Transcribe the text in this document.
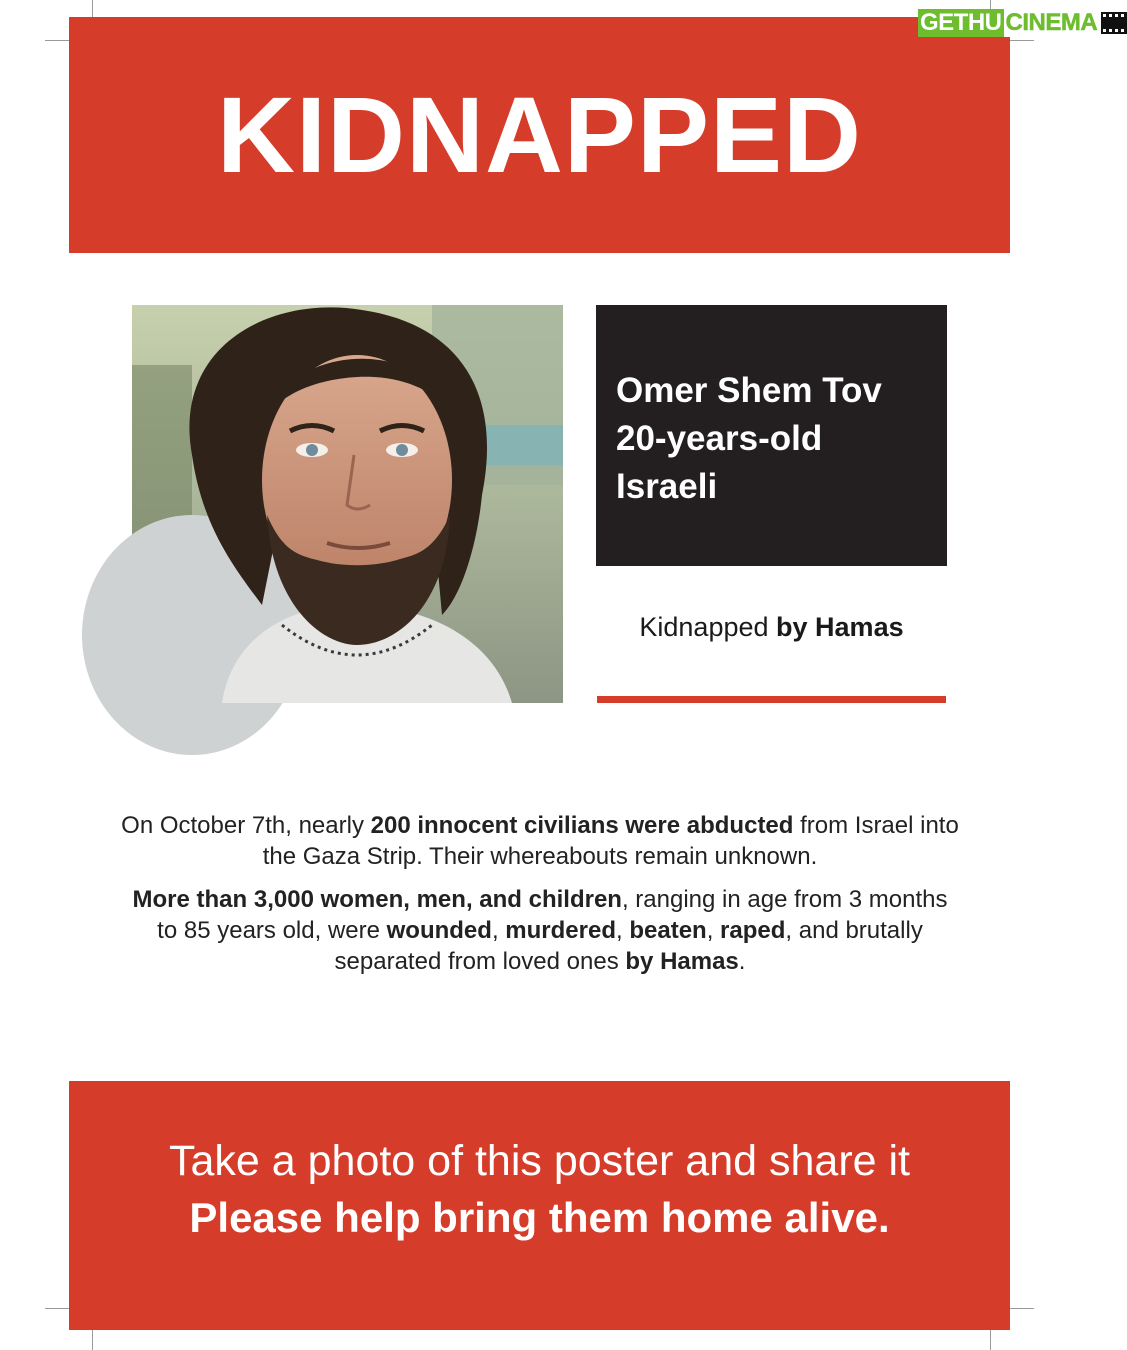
KIDNAPPED
GETHU CINEMA
Omer Shem Tov
20-years-old
Israeli
Kidnapped by Hamas

On October 7th, nearly 200 innocent civilians were abducted from Israel into the Gaza Strip. Their whereabouts remain unknown.

More than 3,000 women, men, and children, ranging in age from 3 months to 85 years old, were wounded, murdered, beaten, raped, and brutally separated from loved ones by Hamas.

Take a photo of this poster and share it
Please help bring them home alive.
